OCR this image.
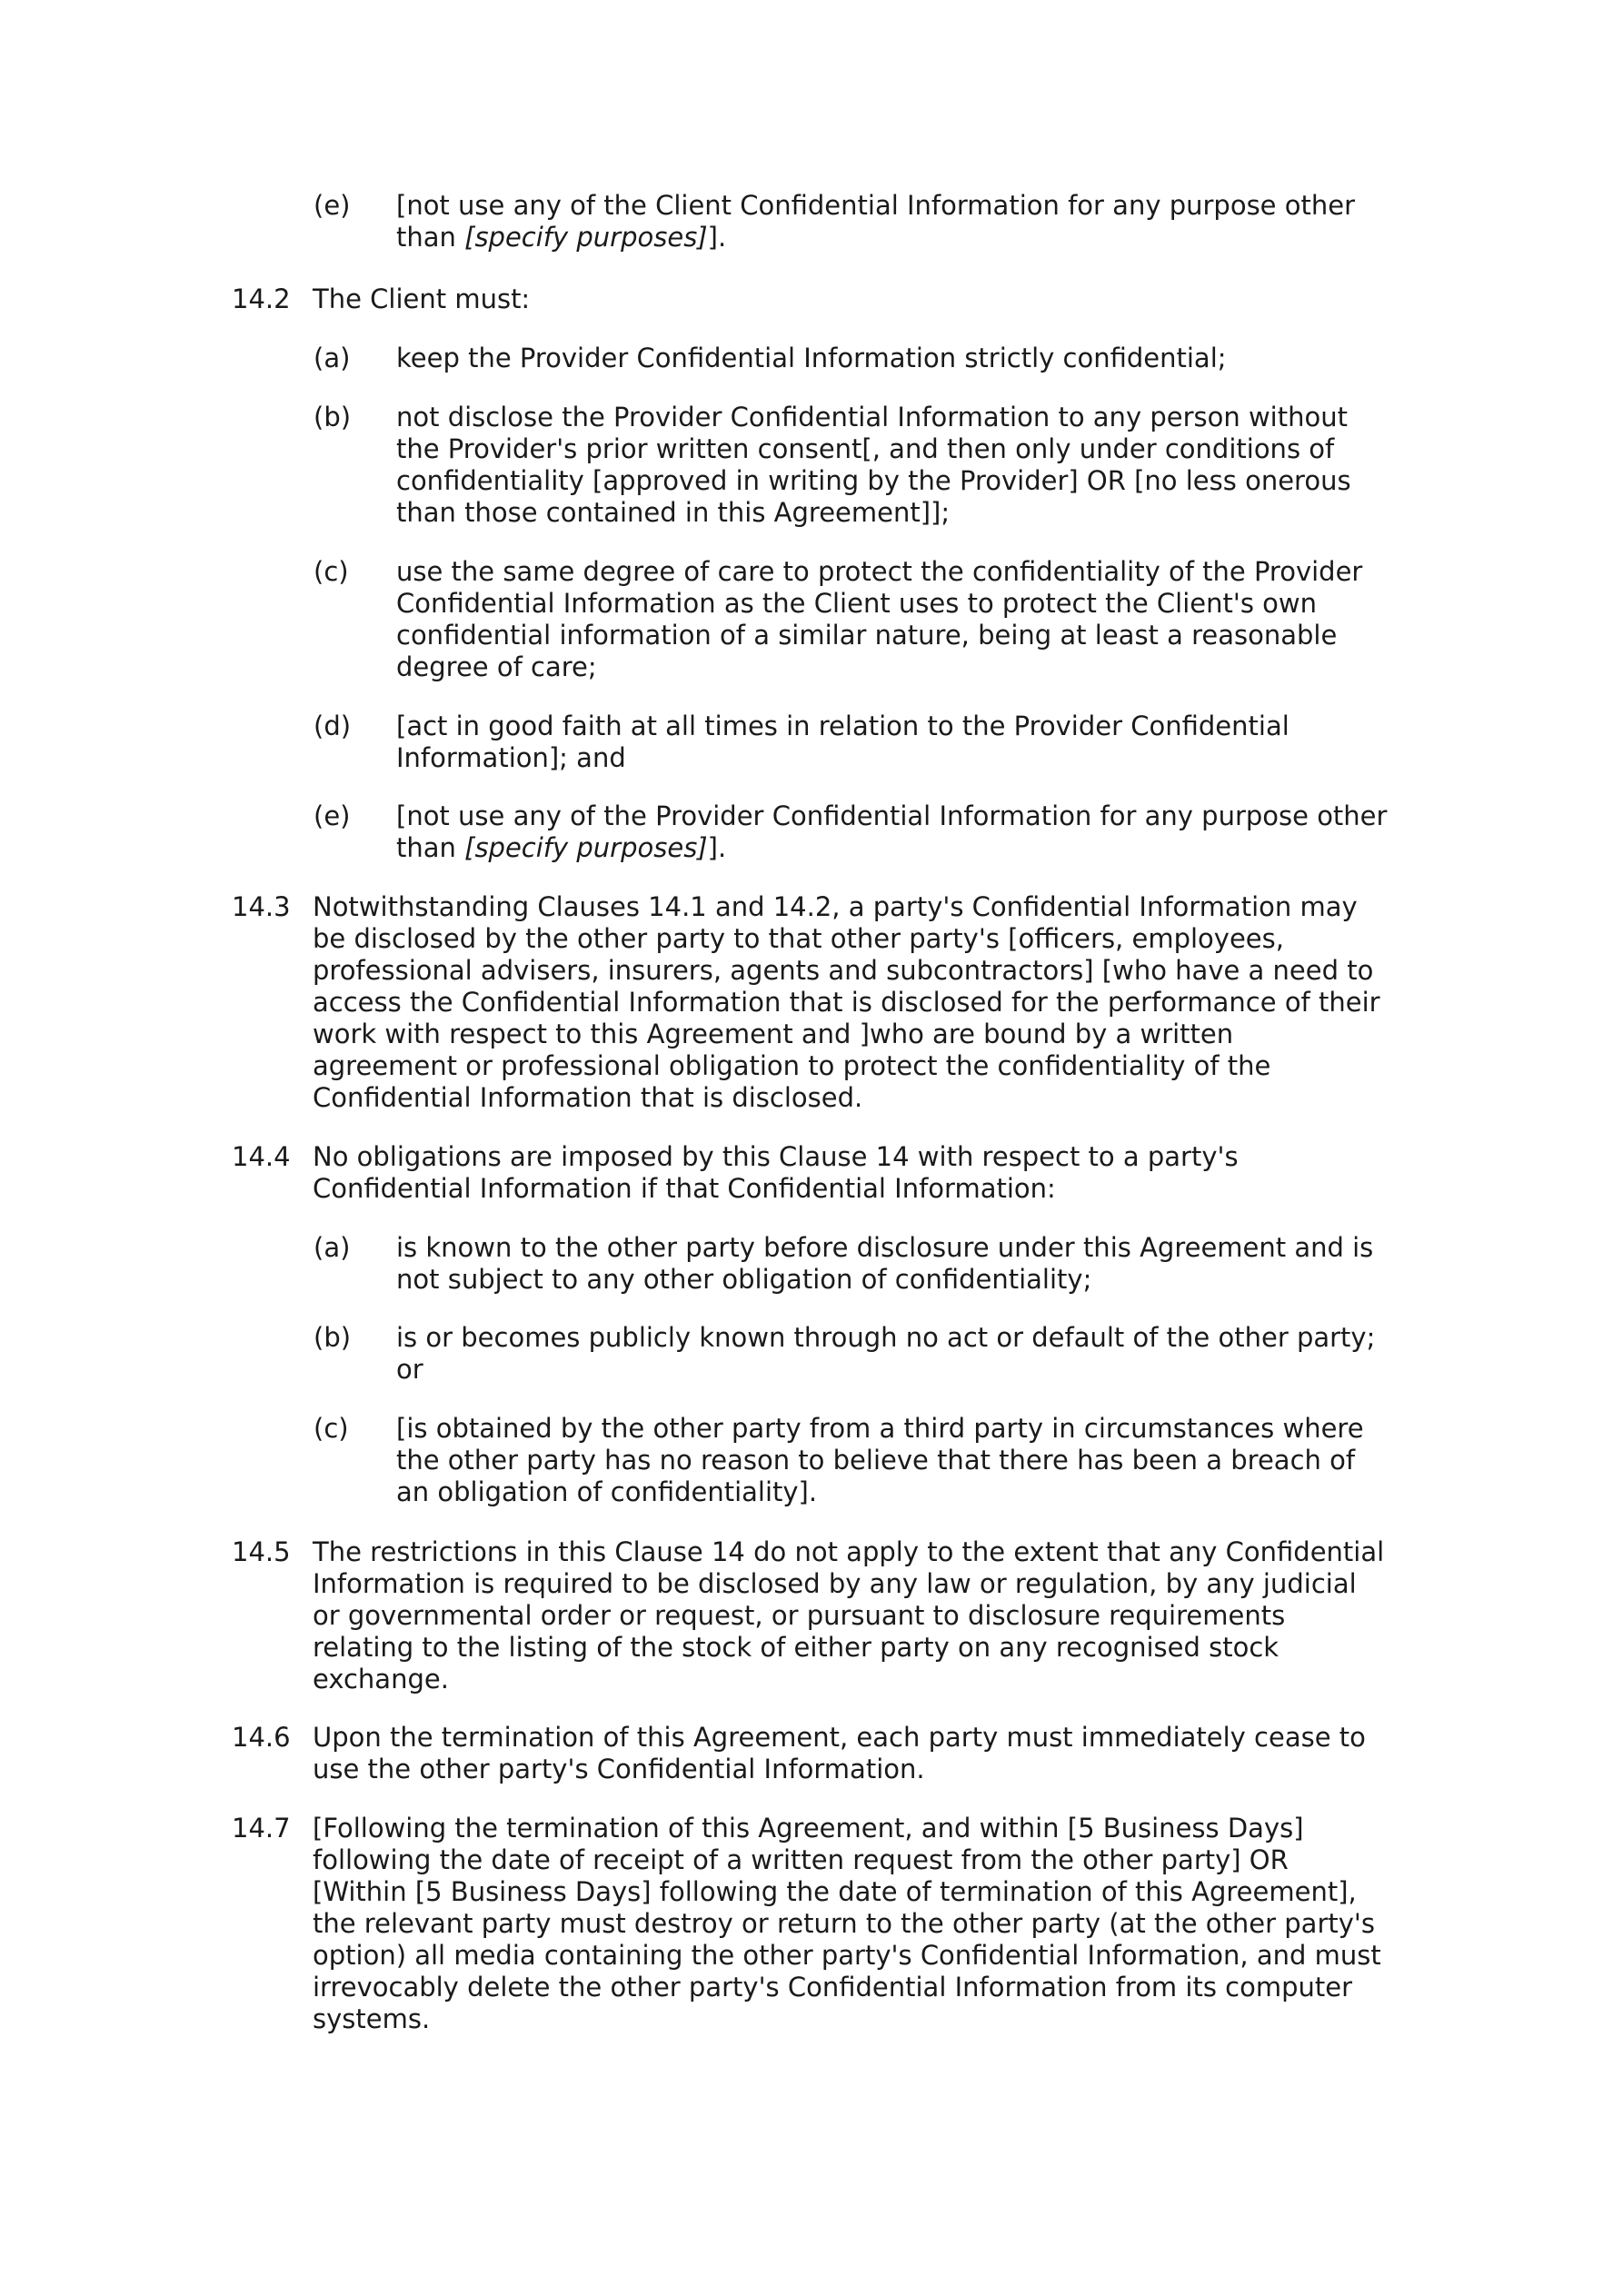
(e)	[not use any of the Client Confidential Information for any purpose other than [specify purposes]].
14.2 The Client must:
(a)	keep the Provider Confidential Information strictly confidential;
(b)	not disclose the Provider Confidential Information to any person without the Provider's prior written consent[, and then only under conditions of confidentiality [approved in writing by the Provider] OR [no less onerous than those contained in this Agreement]];
(c)	use the same degree of care to protect the confidentiality of the Provider Confidential Information as the Client uses to protect the Client's own confidential information of a similar nature, being at least a reasonable degree of care;
(d)	[act in good faith at all times in relation to the Provider Confidential Information]; and
(e)	[not use any of the Provider Confidential Information for any purpose other than [specify purposes]].
14.3 Notwithstanding Clauses 14.1 and 14.2, a party's Confidential Information may be disclosed by the other party to that other party's [officers, employees, professional advisers, insurers, agents and subcontractors] [who have a need to access the Confidential Information that is disclosed for the performance of their work with respect to this Agreement and ]who are bound by a written agreement or professional obligation to protect the confidentiality of the Confidential Information that is disclosed.
14.4 No obligations are imposed by this Clause 14 with respect to a party's Confidential Information if that Confidential Information:
(a)	is known to the other party before disclosure under this Agreement and is not subject to any other obligation of confidentiality;
(b)	is or becomes publicly known through no act or default of the other party; or
(c)	[is obtained by the other party from a third party in circumstances where the other party has no reason to believe that there has been a breach of an obligation of confidentiality].
14.5 The restrictions in this Clause 14 do not apply to the extent that any Confidential Information is required to be disclosed by any law or regulation, by any judicial or governmental order or request, or pursuant to disclosure requirements relating to the listing of the stock of either party on any recognised stock exchange.
14.6 Upon the termination of this Agreement, each party must immediately cease to use the other party's Confidential Information.
14.7 [Following the termination of this Agreement, and within [5 Business Days] following the date of receipt of a written request from the other party] OR [Within [5 Business Days] following the date of termination of this Agreement], the relevant party must destroy or return to the other party (at the other party's option) all media containing the other party's Confidential Information, and must irrevocably delete the other party's Confidential Information from its computer systems.
